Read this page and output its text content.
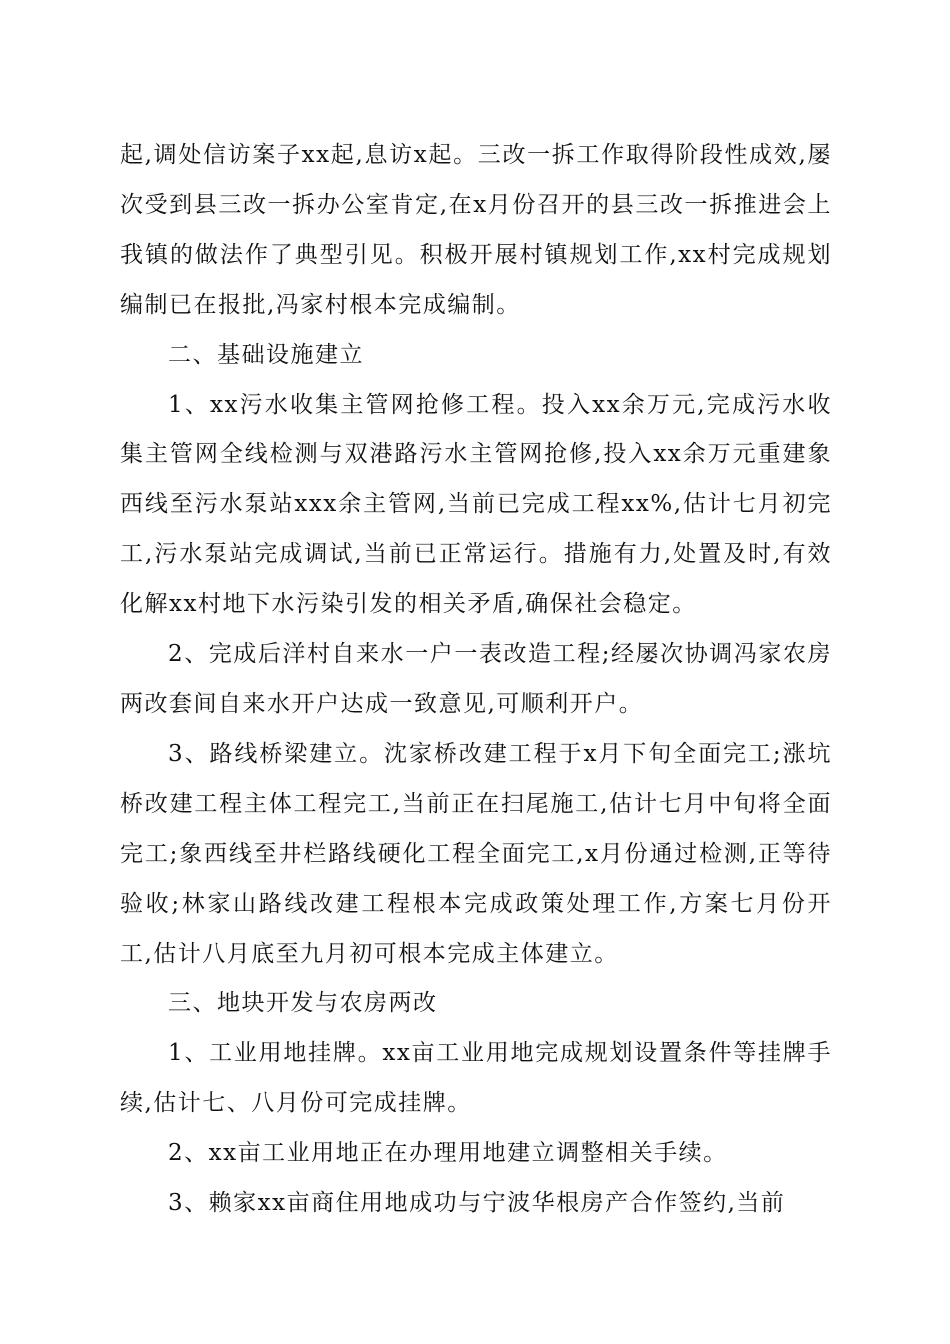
起,调处信访案子xx起,息访x起。三改一拆工作取得阶段性成效,屡次受到县三改一拆办公室肯定,在x月份召开的县三改一拆推进会上我镇的做法作了典型引见。积极开展村镇规划工作,xx村完成规划编制已在报批,冯家村根本完成编制。

二、基础设施建立

1、xx污水收集主管网抢修工程。投入xx余万元,完成污水收集主管网全线检测与双港路污水主管网抢修,投入xx余万元重建象西线至污水泵站xxx余主管网,当前已完成工程xx%,估计七月初完工,污水泵站完成调试,当前已正常运行。措施有力,处置及时,有效化解xx村地下水污染引发的相关矛盾,确保社会稳定。

2、完成后洋村自来水一户一表改造工程;经屡次协调冯家农房两改套间自来水开户达成一致意见,可顺利开户。

3、路线桥梁建立。沈家桥改建工程于x月下旬全面完工;涨坑桥改建工程主体工程完工,当前正在扫尾施工,估计七月中旬将全面完工;象西线至井栏路线硬化工程全面完工,x月份通过检测,正等待验收;林家山路线改建工程根本完成政策处理工作,方案七月份开工,估计八月底至九月初可根本完成主体建立。

三、地块开发与农房两改

1、工业用地挂牌。xx亩工业用地完成规划设置条件等挂牌手续,估计七、八月份可完成挂牌。

2、xx亩工业用地正在办理用地建立调整相关手续。

3、赖家xx亩商住用地成功与宁波华根房产合作签约,当前
